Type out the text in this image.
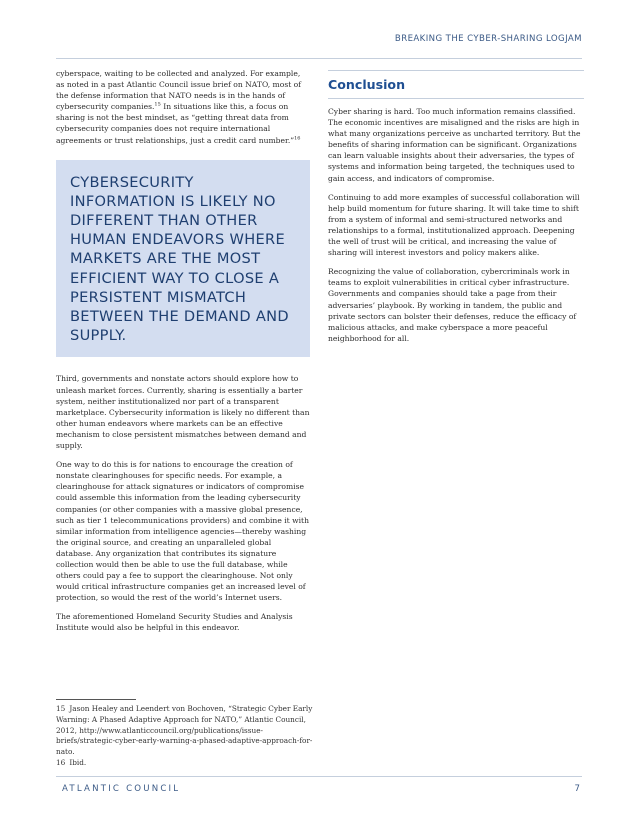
BREAKING THE CYBER-SHARING LOGJAM

cyberspace, waiting to be collected and analyzed. For example, as noted in a past Atlantic Council issue brief on NATO, most of the defense information that NATO needs is in the hands of cybersecurity companies.$^{15}$ In situations like this, a focus on sharing is not the best mindset, as “getting threat data from cybersecurity companies does not require international agreements or trust relationships, just a credit card number.”$^{16}$

CYBERSECURITY INFORMATION IS LIKELY NO DIFFERENT THAN OTHER HUMAN ENDEAVORS WHERE MARKETS ARE THE MOST EFFICIENT WAY TO CLOSE A PERSISTENT MISMATCH BETWEEN THE DEMAND AND SUPPLY.

Third, governments and nonstate actors should explore how to unleash market forces. Currently, sharing is essentially a barter system, neither institutionalized nor part of a transparent marketplace. Cybersecurity information is likely no different than other human endeavors where markets can be an effective mechanism to close persistent mismatches between demand and supply.

One way to do this is for nations to encourage the creation of nonstate clearinghouses for specific needs. For example, a clearinghouse for attack signatures or indicators of compromise could assemble this information from the leading cybersecurity companies (or other companies with a massive global presence, such as tier 1 telecommunications providers) and combine it with similar information from intelligence agencies—thereby washing the original source, and creating an unparalleled global database. Any organization that contributes its signature collection would then be able to use the full database, while others could pay a fee to support the clearinghouse. Not only would critical infrastructure companies get an increased level of protection, so would the rest of the world’s Internet users.

The aforementioned Homeland Security Studies and Analysis Institute would also be helpful in this endeavor.

Conclusion

Cyber sharing is hard. Too much information remains classified. The economic incentives are misaligned and the risks are high in what many organizations perceive as uncharted territory. But the benefits of sharing information can be significant. Organizations can learn valuable insights about their adversaries, the types of systems and information being targeted, the techniques used to gain access, and indicators of compromise.

Continuing to add more examples of successful collaboration will help build momentum for future sharing. It will take time to shift from a system of informal and semi-structured networks and relationships to a formal, institutionalized approach. Deepening the well of trust will be critical, and increasing the value of sharing will interest investors and policy makers alike.

Recognizing the value of collaboration, cybercriminals work in teams to exploit vulnerabilities in critical cyber infrastructure. Governments and companies should take a page from their adversaries’ playbook. By working in tandem, the public and private sectors can bolster their defenses, reduce the efficacy of malicious attacks, and make cyberspace a more peaceful neighborhood for all.

15 Jason Healey and Leendert von Bochoven, “Strategic Cyber Early Warning: A Phased Adaptive Approach for NATO,” Atlantic Council, 2012, http://www.atlanticcouncil.org/publications/issue-briefs/strategic-cyber-early-warning-a-phased-adaptive-approach-for-nato.
16 Ibid.
ATLANTIC COUNCIL	7
